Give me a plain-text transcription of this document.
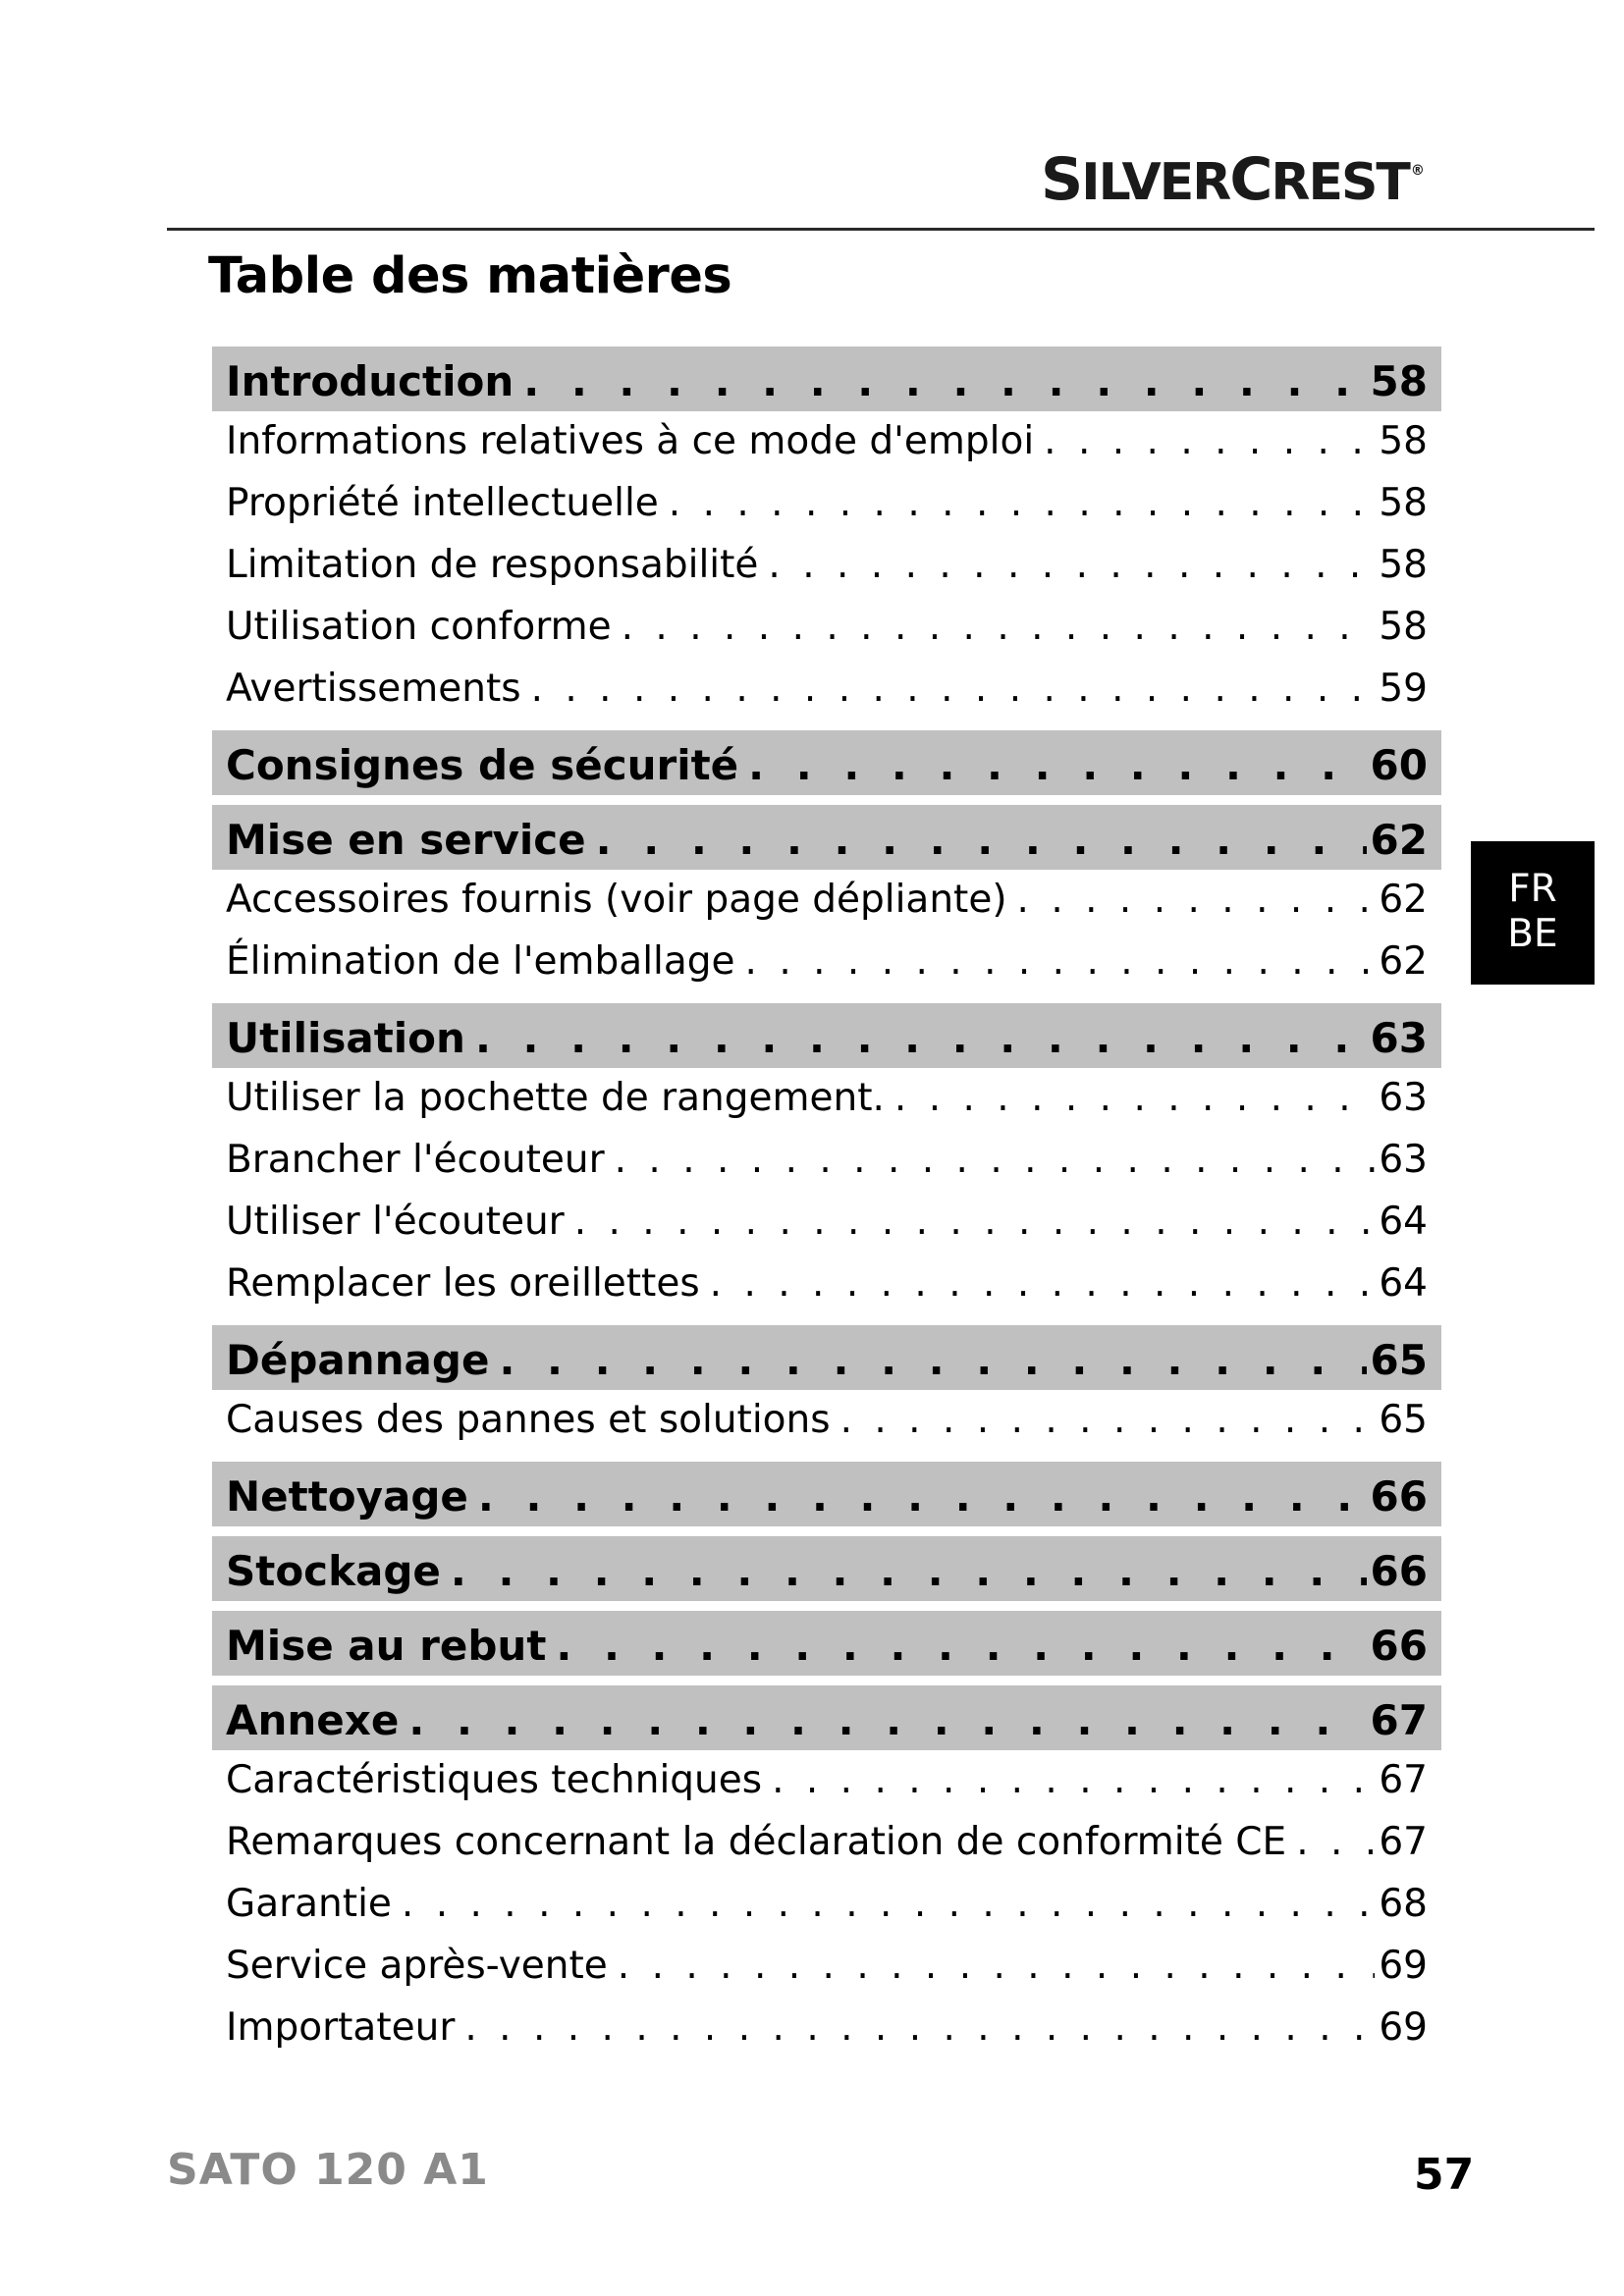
SILVERCREST ®
Table des matières
Introduction . . .	58
Informations relatives à ce mode d'emploi . . .	58
Propriété intellectuelle . . .	58
Limitation de responsabilité . . .	58
Utilisation conforme . . .	58
Avertissements . . .	59
Consignes de sécurité . . .	60
Mise en service . . .	62
Accessoires fournis (voir page dépliante) . . .	62
Élimination de l'emballage . . .	62
Utilisation . . .	63
Utiliser la pochette de rangement. . . .	63
Brancher l'écouteur . . .	63
Utiliser l'écouteur . . .	64
Remplacer les oreillettes . . .	64
Dépannage . . .	65
Causes des pannes et solutions . . .	65
Nettoyage . . .	66
Stockage . . .	66
Mise au rebut . . .	66
Annexe . . .	67
Caractéristiques techniques . . .	67
Remarques concernant la déclaration de conformité CE . . . 67
Garantie . . .	68
Service après-vente . . .	69
Importateur . . .	69
FR
BE
SATO 120 A1	57
